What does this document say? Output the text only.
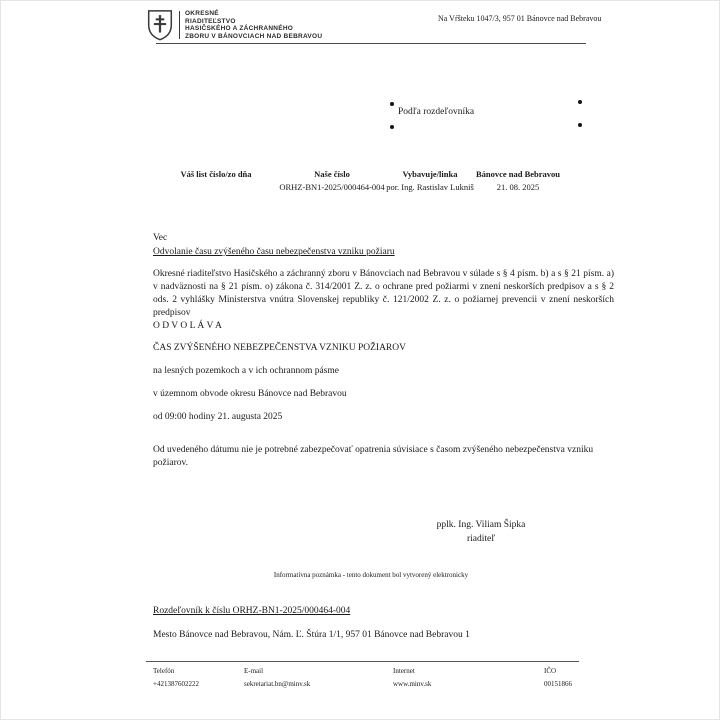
OKRESNÉ
RIADITEĽSTVO
HASIČSKÉHO A ZÁCHRANNÉHO
ZBORU V BÁNOVCIACH NAD BEBRAVOU
Na Vŕšteku 1047/3, 957 01 Bánovce nad Bebravou
Podľa rozdeľovníka
Váš list číslo/zo dňa	Naše číslo
ORHZ-BN1-2025/000464-004
Vybavuje/linka
por. Ing. Rastislav Lukniš
Bánovce nad Bebravou
21. 08. 2025
Vec
Odvolanie času zvýšeného času nebezpečenstva vzniku požiaru
Okresné riaditeľstvo Hasičského a záchranný zboru v Bánovciach nad Bebravou v súlade s § 4 písm. b) a s § 21 písm. a) v nadväznosti na § 21 písm. o) zákona č. 314/2001 Z. z. o ochrane pred požiarmi v znení neskorších predpisov a s § 2 ods. 2 vyhlášky Ministerstva vnútra Slovenskej republiky č. 121/2002 Z. z. o požiarnej prevencii v znení neskorších predpisov
O D V O L Á V A
ČAS ZVÝŠENÉHO NEBEZPEČENSTVA VZNIKU POŽIAROV
na lesných pozemkoch a v ich ochrannom pásme
v územnom obvode okresu Bánovce nad Bebravou
od 09:00 hodiny 21. augusta 2025
Od uvedeného dátumu nie je potrebné zabezpečovať opatrenia súvisiace s časom zvýšeného nebezpečenstva vzniku požiarov.
pplk. Ing. Viliam Šipka
riaditeľ
Informatívna poznámka - tento dokument bol vytvorený elektronicky
Rozdeľovník k číslu ORHZ-BN1-2025/000464-004
Mesto Bánovce nad Bebravou, Nám. Ľ. Štúra 1/1, 957 01 Bánovce nad Bebravou 1
Telefón
+421387602222
E-mail
sekretariat.bn@minv.sk
Internet
www.minv.sk
IČO
00151866
